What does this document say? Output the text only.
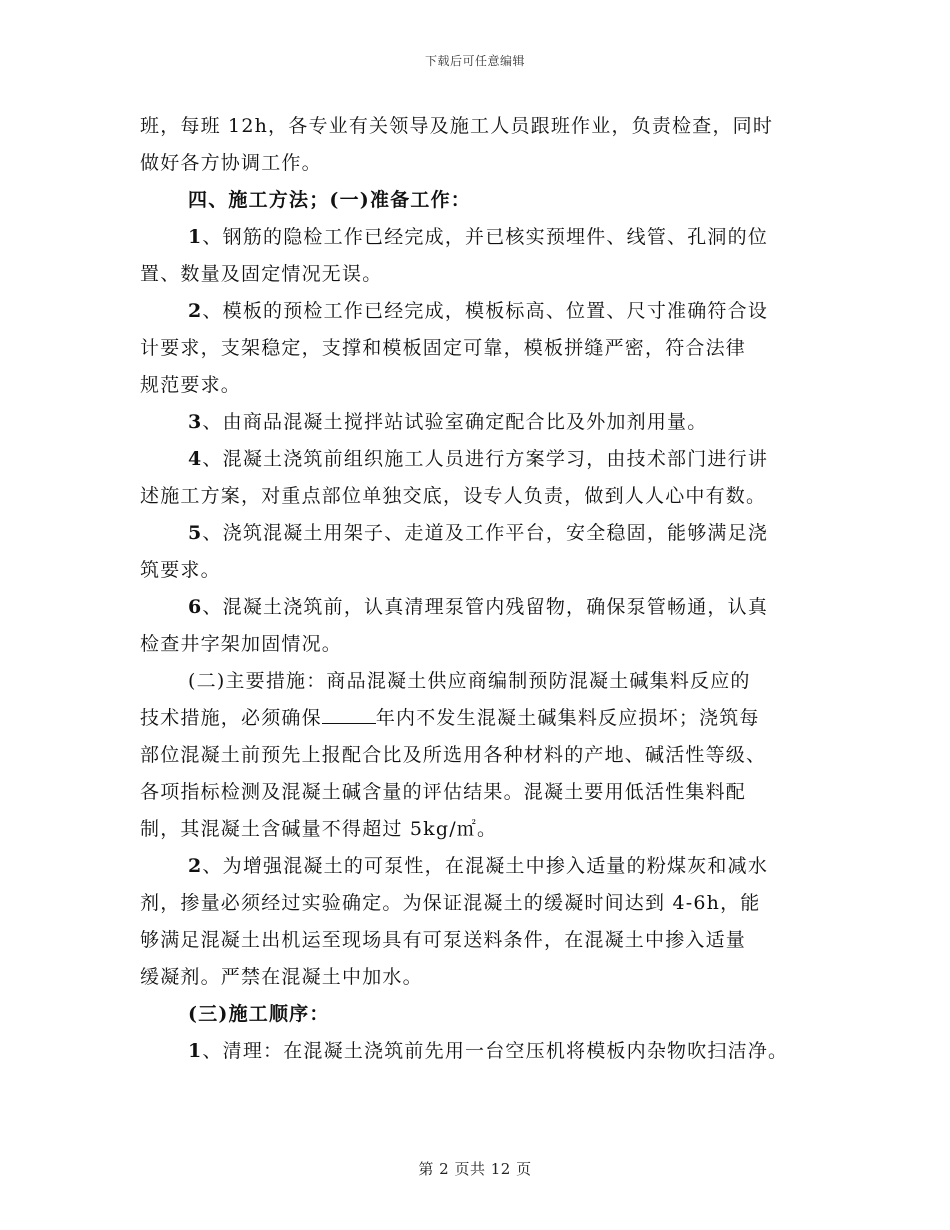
下载后可任意编辑
班，每班 12h，各专业有关领导及施工人员跟班作业，负责检查，同时
做好各方协调工作。
四、施工方法；(一)准备工作：
1、钢筋的隐检工作已经完成，并已核实预埋件、线管、孔洞的位
置、数量及固定情况无误。
2、模板的预检工作已经完成，模板标高、位置、尺寸准确符合设
计要求，支架稳定，支撑和模板固定可靠，模板拼缝严密，符合法律
规范要求。
3、由商品混凝土搅拌站试验室确定配合比及外加剂用量。
4、混凝土浇筑前组织施工人员进行方案学习，由技术部门进行讲
述施工方案，对重点部位单独交底，设专人负责，做到人人心中有数。
5、浇筑混凝土用架子、走道及工作平台，安全稳固，能够满足浇
筑要求。
6、混凝土浇筑前，认真清理泵管内残留物，确保泵管畅通，认真
检查井字架加固情况。
(二)主要措施：商品混凝土供应商编制预防混凝土碱集料反应的
技术措施，必须确保	年内不发生混凝土碱集料反应损坏；浇筑每
部位混凝土前预先上报配合比及所选用各种材料的产地、碱活性等级、
各项指标检测及混凝土碱含量的评估结果。混凝土要用低活性集料配
制，其混凝土含碱量不得超过 5kg/㎡。
2、为增强混凝土的可泵性，在混凝土中掺入适量的粉煤灰和减水
剂，掺量必须经过实验确定。为保证混凝土的缓凝时间达到 4-6h，能
够满足混凝土出机运至现场具有可泵送料条件，在混凝土中掺入适量
缓凝剂。严禁在混凝土中加水。
(三)施工顺序：
1、清理：在混凝土浇筑前先用一台空压机将模板内杂物吹扫洁净。
第 2 页共 12 页
